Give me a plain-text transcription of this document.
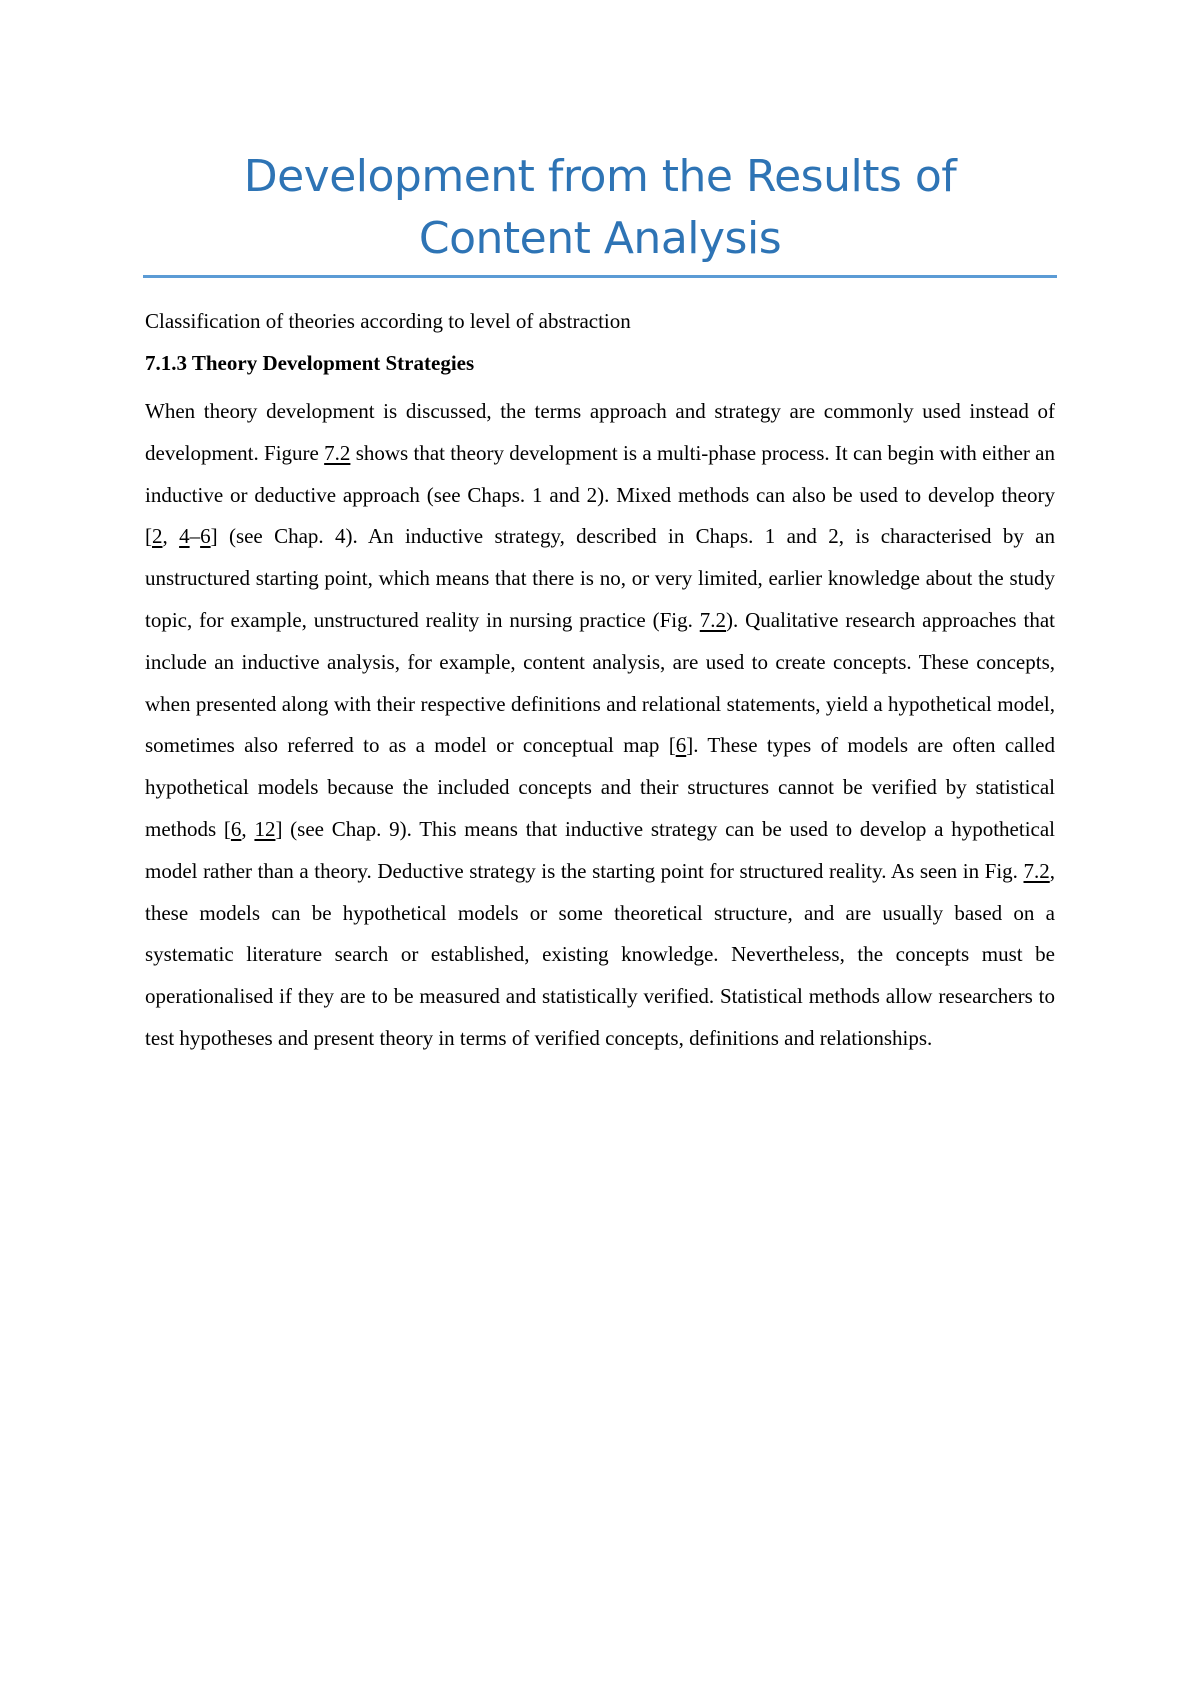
Development from the Results of
Content Analysis

Classification of theories according to level of abstraction

7.1.3 Theory Development Strategies

When theory development is discussed, the terms approach and strategy are commonly used instead of development. Figure 7.2 shows that theory development is a multi-phase process. It can begin with either an inductive or deductive approach (see Chaps. 1 and 2). Mixed methods can also be used to develop theory [2, 4–6] (see Chap. 4). An inductive strategy, described in Chaps. 1 and 2, is characterised by an unstructured starting point, which means that there is no, or very limited, earlier knowledge about the study topic, for example, unstructured reality in nursing practice (Fig. 7.2). Qualitative research approaches that include an inductive analysis, for example, content analysis, are used to create concepts. These concepts, when presented along with their respective definitions and relational statements, yield a hypothetical model, sometimes also referred to as a model or conceptual map [6]. These types of models are often called hypothetical models because the included concepts and their structures cannot be verified by statistical methods [6, 12] (see Chap. 9). This means that inductive strategy can be used to develop a hypothetical model rather than a theory. Deductive strategy is the starting point for structured reality. As seen in Fig. 7.2, these models can be hypothetical models or some theoretical structure, and are usually based on a systematic literature search or established, existing knowledge. Nevertheless, the concepts must be operationalised if they are to be measured and statistically verified. Statistical methods allow researchers to test hypotheses and present theory in terms of verified concepts, definitions and relationships.
